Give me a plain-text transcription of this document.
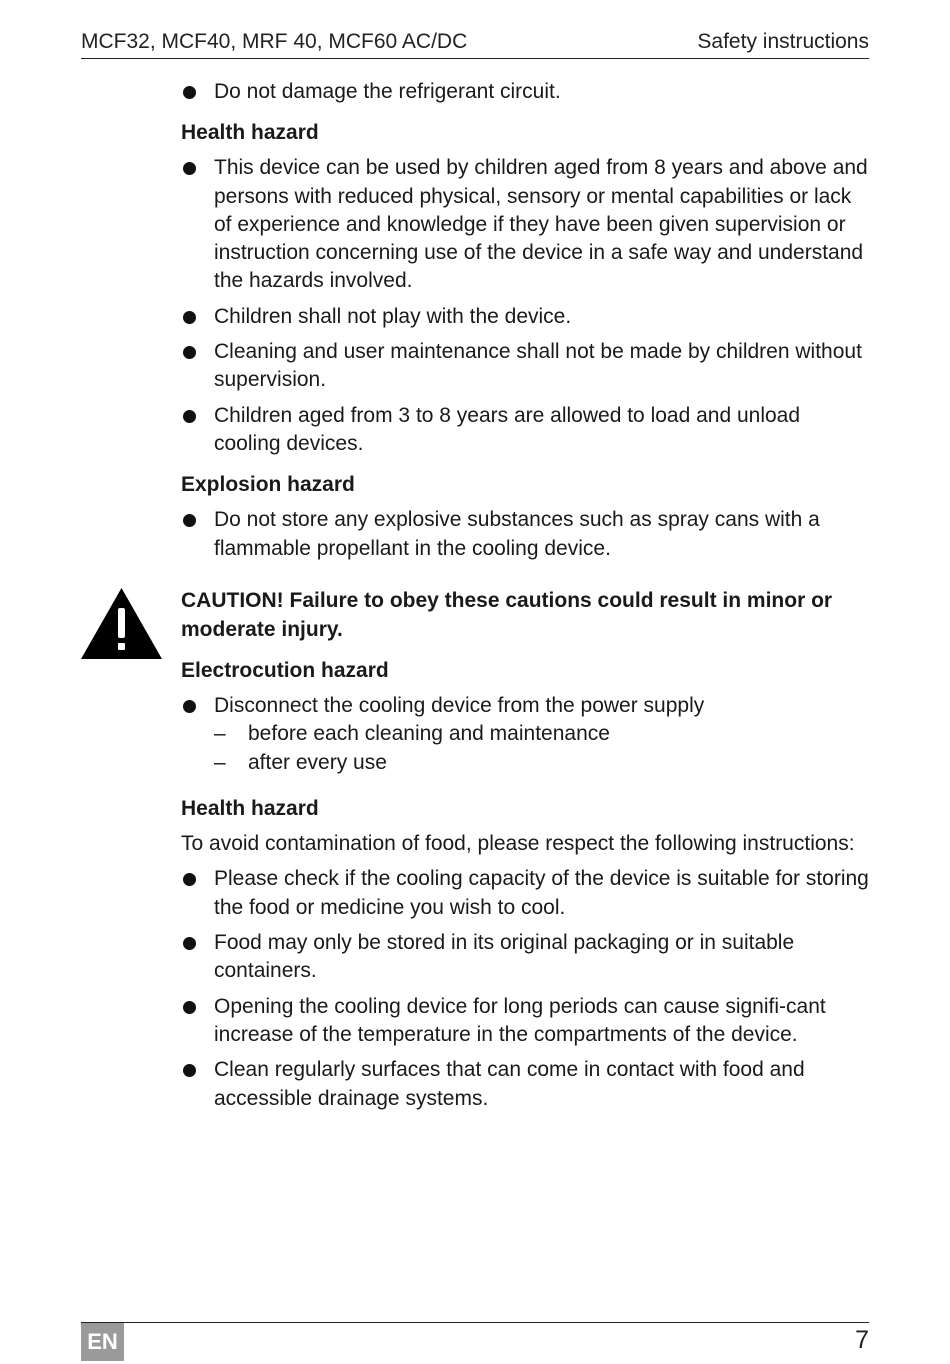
MCF32, MCF40, MRF 40, MCF60 AC/DC	Safety instructions
Do not damage the refrigerant circuit.
Health hazard
This device can be used by children aged from 8 years and above and persons with reduced physical, sensory or mental capabilities or lack of experience and knowledge if they have been given supervision or instruction concerning use of the device in a safe way and understand the hazards involved.
Children shall not play with the device.
Cleaning and user maintenance shall not be made by children without supervision.
Children aged from 3 to 8 years are allowed to load and unload cooling devices.
Explosion hazard
Do not store any explosive substances such as spray cans with a flammable propellant in the cooling device.
CAUTION! Failure to obey these cautions could result in minor or moderate injury.
Electrocution hazard
Disconnect the cooling device from the power supply
–	before each cleaning and maintenance
–	after every use
Health hazard
To avoid contamination of food, please respect the following instructions:
Please check if the cooling capacity of the device is suitable for storing the food or medicine you wish to cool.
Food may only be stored in its original packaging or in suitable containers.
Opening the cooling device for long periods can cause signifi-cant increase of the temperature in the compartments of the device.
Clean regularly surfaces that can come in contact with food and accessible drainage systems.
EN	7
